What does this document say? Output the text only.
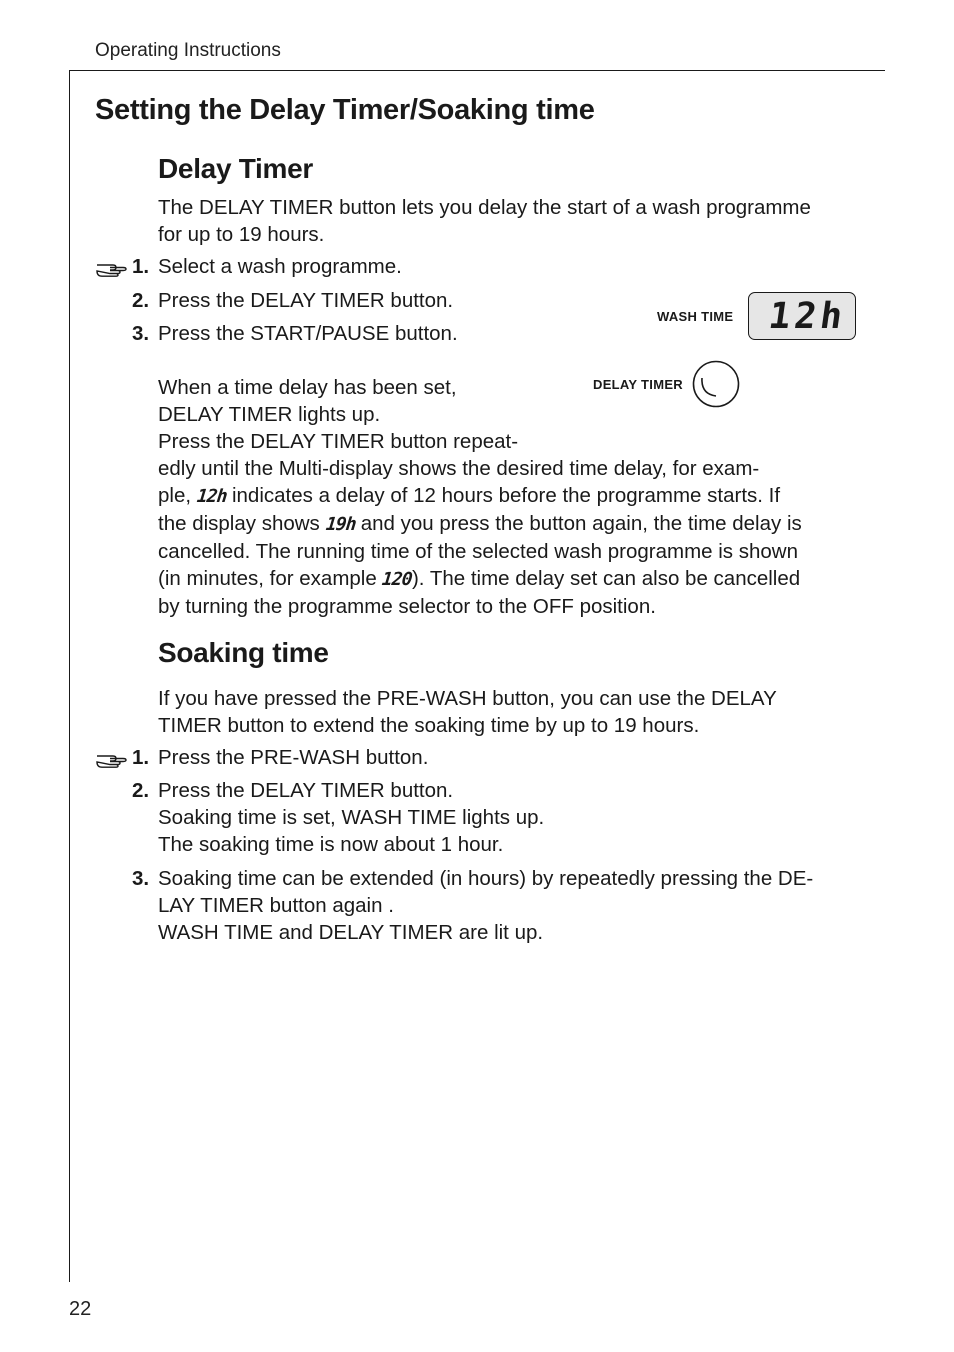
Operating Instructions
22
Setting the Delay Timer/Soaking time
Delay Timer
The DELAY TIMER button lets you delay the start of a wash programme
for up to 19 hours.
1. Select a wash programme.
2. Press the DELAY TIMER button.
3. Press the START/PAUSE button.
WASH TIME 12h
DELAY TIMER
When a time delay has been set,
DELAY TIMER lights up.
Press the DELAY TIMER button repeat-
edly until the Multi-display shows the desired time delay, for exam-
ple, 12h indicates a delay of 12 hours before the programme starts. If
the display shows 19h and you press the button again, the time delay is
cancelled. The running time of the selected wash programme is shown
(in minutes, for example 120). The time delay set can also be cancelled
by turning the programme selector to the OFF position.
Soaking time
If you have pressed the PRE-WASH button, you can use the DELAY
TIMER button to extend the soaking time by up to 19 hours.
1. Press the PRE-WASH button.
2. Press the DELAY TIMER button.
Soaking time is set, WASH TIME lights up.
The soaking time is now about 1 hour.
3. Soaking time can be extended (in hours) by repeatedly pressing the DE-
LAY TIMER button again .
WASH TIME and DELAY TIMER are lit up.
